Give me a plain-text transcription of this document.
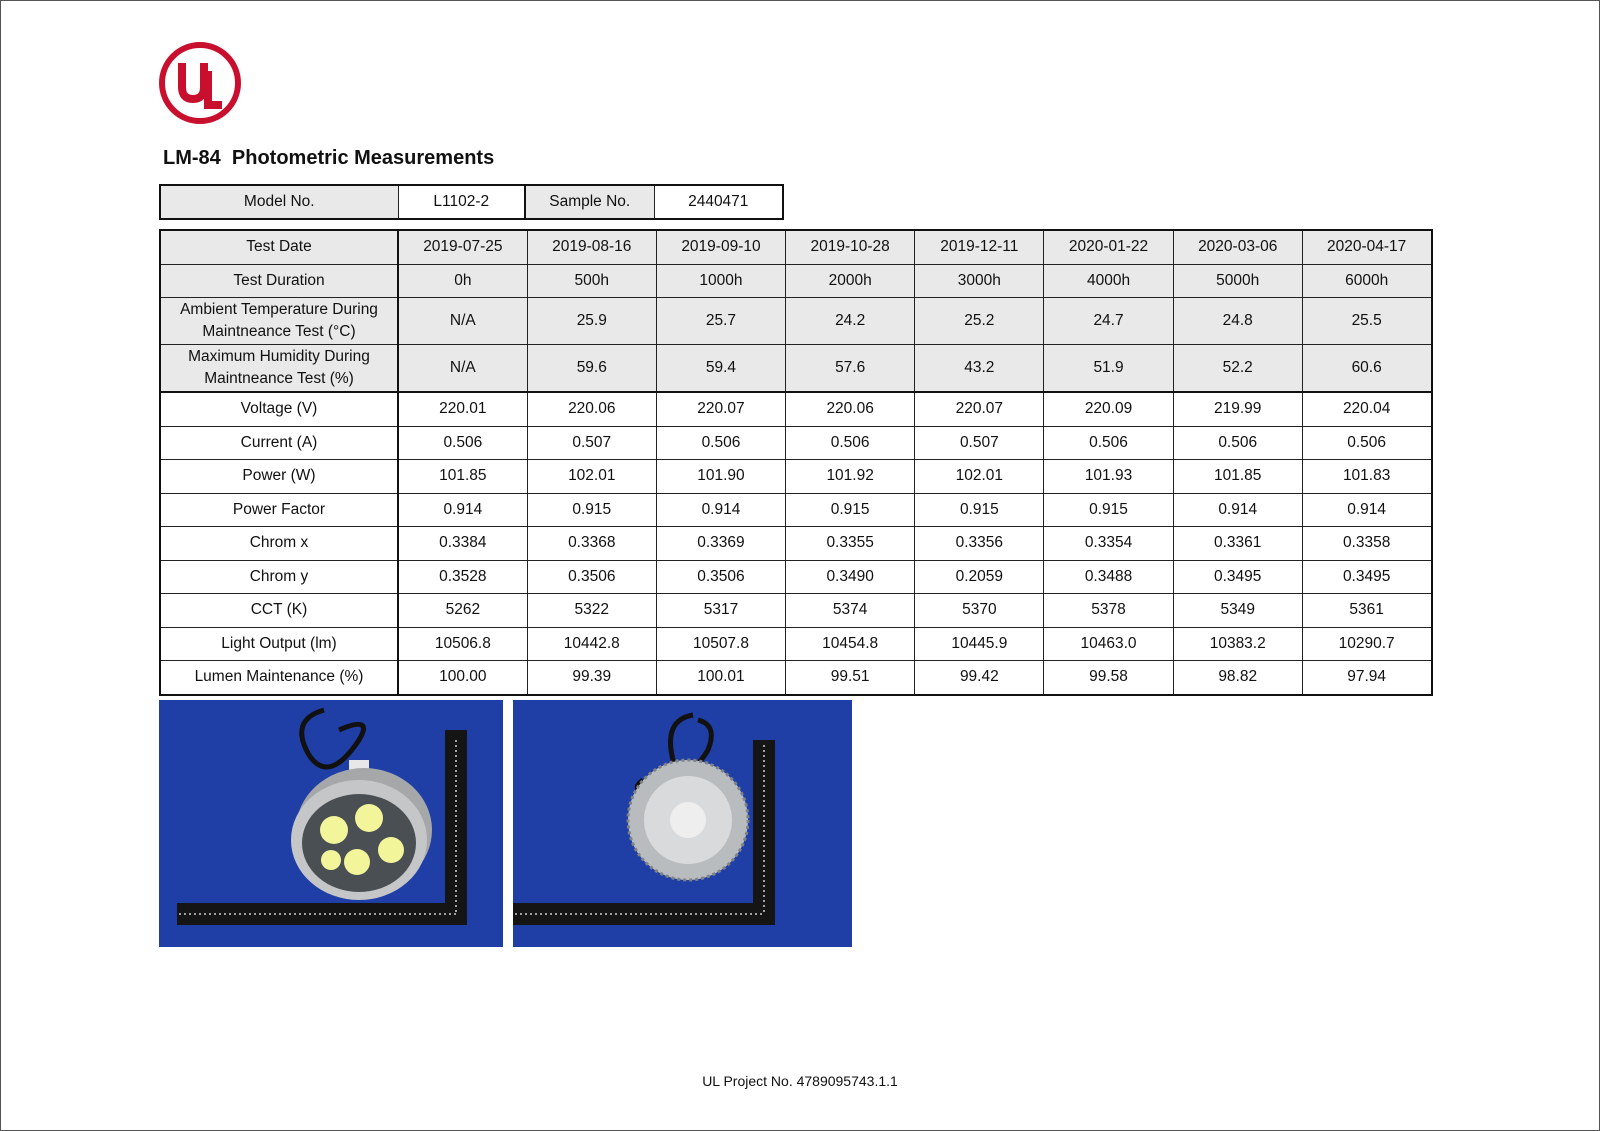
LM-84  Photometric Measurements
Model No.	L1102-2	Sample No.	2440471
Test Date	2019-07-25	2019-08-16	2019-09-10	2019-10-28	2019-12-11	2020-01-22	2020-03-06	2020-04-17

Test Duration	0h	500h	1000h	2000h	3000h	4000h	5000h	6000h

Ambient Temperature During
Maintneance Test (°C)	N/A	25.9	25.7	24.2	25.2	24.7	24.8	25.5

Maximum Humidity During
Maintneance Test (%)	N/A	59.6	59.4	57.6	43.2	51.9	52.2	60.6
Voltage (V)	220.01	220.06	220.07	220.06	220.07	220.09	219.99	220.04
Current (A)	0.506	0.507	0.506	0.506	0.507	0.506	0.506	0.506
Power (W)	101.85	102.01	101.90	101.92	102.01	101.93	101.85	101.83
Power Factor	0.914	0.915	0.914	0.915	0.915	0.915	0.914	0.914
Chrom x	0.3384	0.3368	0.3369	0.3355	0.3356	0.3354	0.3361	0.3358
Chrom y	0.3528	0.3506	0.3506	0.3490	0.2059	0.3488	0.3495	0.3495
CCT (K)	5262	5322	5317	5374	5370	5378	5349	5361
Light Output (lm)	10506.8	10442.8	10507.8	10454.8	10445.9	10463.0	10383.2	10290.7
Lumen Maintenance (%)	100.00	99.39	100.01	99.51	99.42	99.58	98.82	97.94
UL Project No. 4789095743.1.1
